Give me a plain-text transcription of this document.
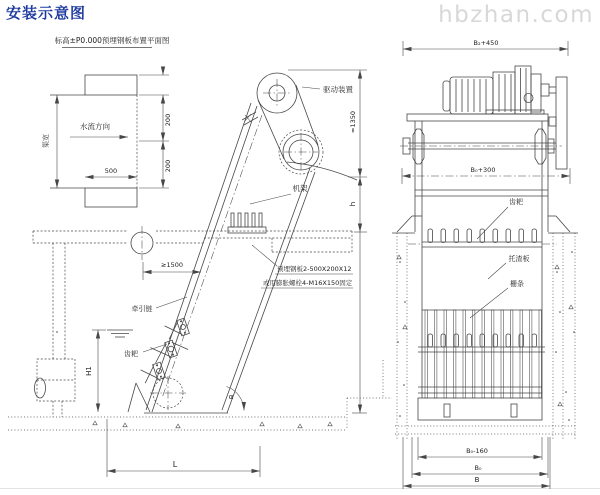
安装示意图	hbzhan.com
标高±P0.000预埋钢板布置平面图
水流方向
500
渠宽
200
200
驱动装置
机架
预埋钢板2-500X200X12
或用膨胀螺栓4-M16X150固定
≥1500
牵引链
齿耙
H1
α
≈1350
h
L
B₂+450
B₀+300
齿耙
托渣板
栅条
B₀-160
B₀
B
